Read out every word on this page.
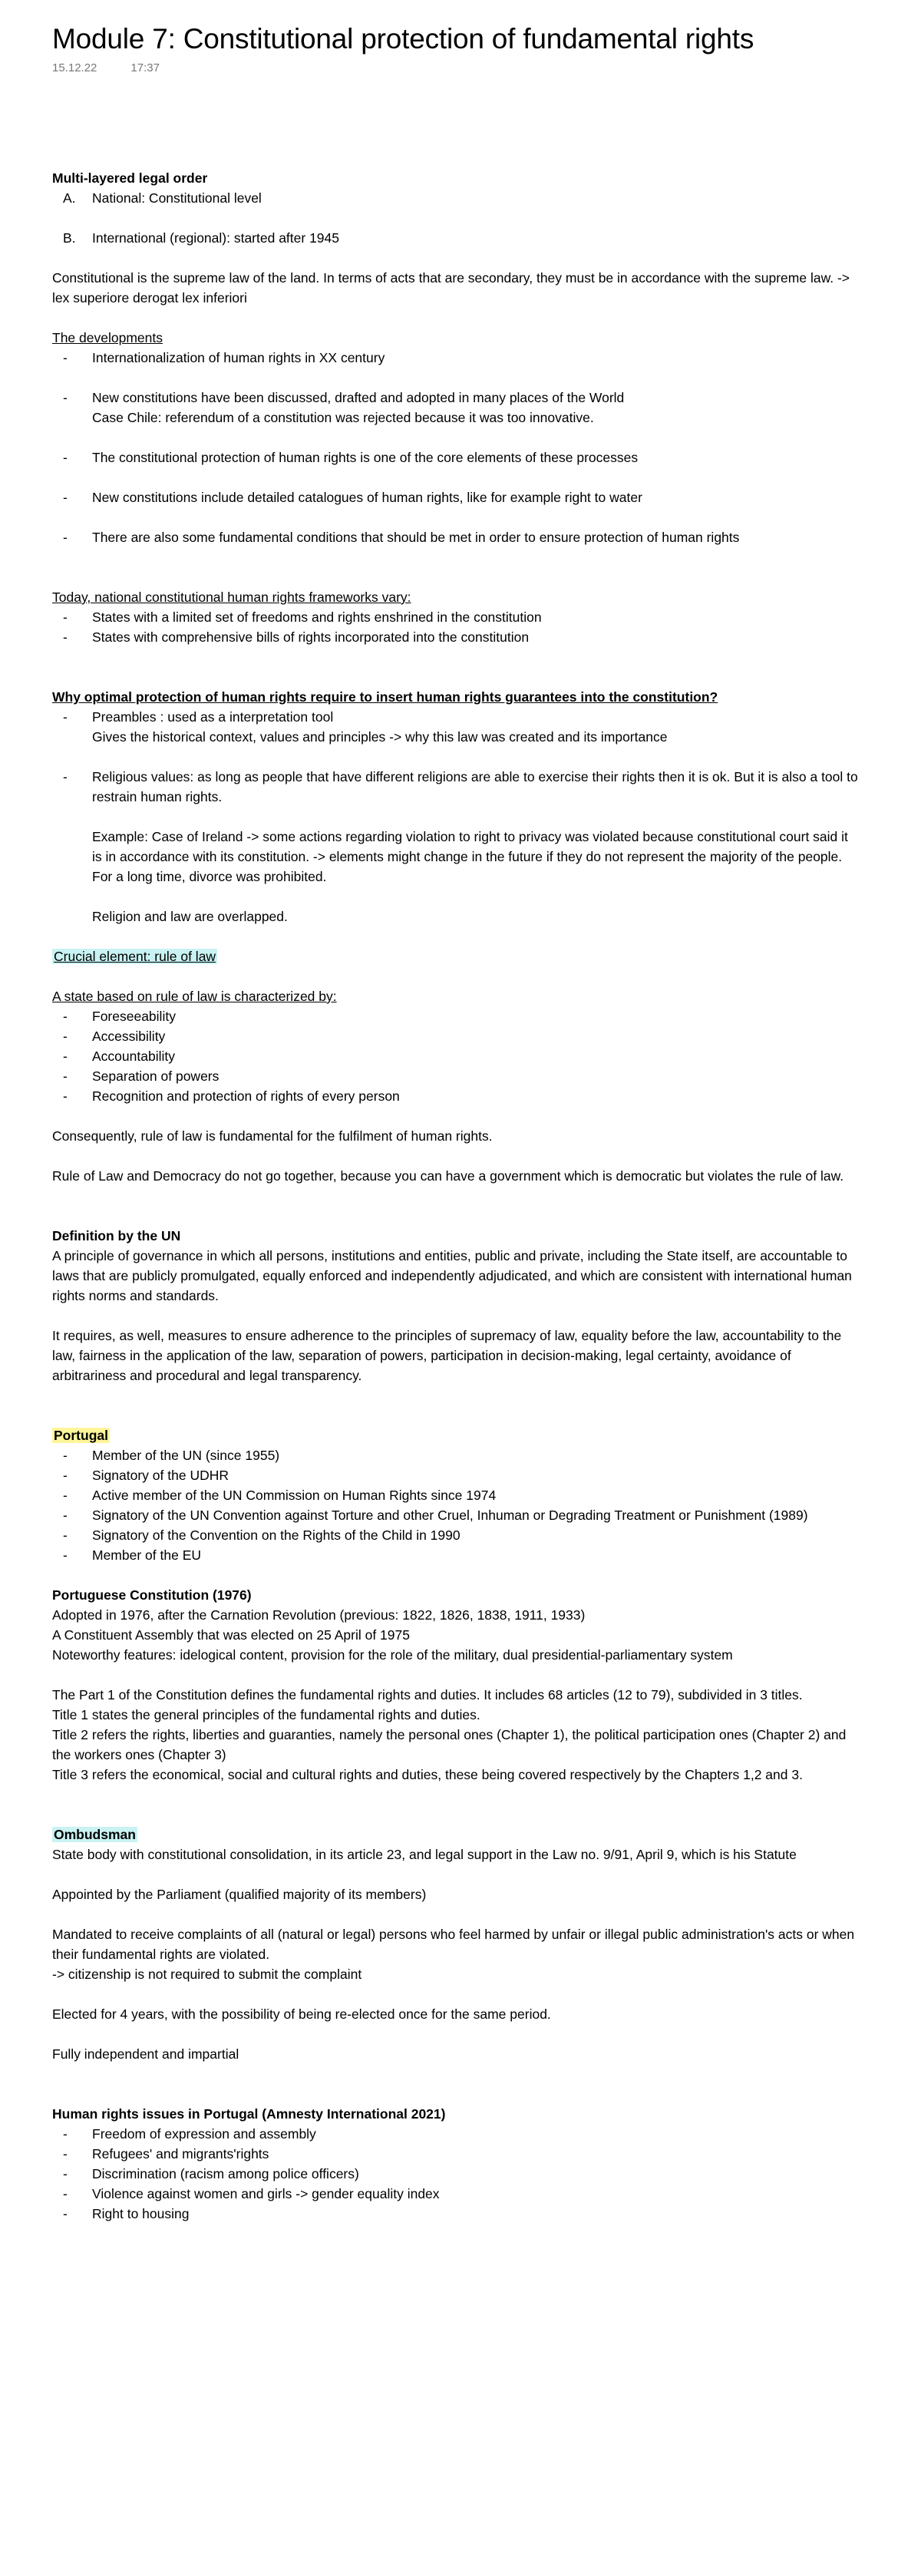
Module 7: Constitutional protection of fundamental rights
15.12.22	17:37

Multi-layered legal order

A.	National: Constitutional level
B.	International (regional): started after 1945

Constitutional is the supreme law of the land. In terms of acts that are secondary, they must be in accordance with the supreme law. -> lex superiore derogat lex inferiori

The developments

-	Internationalization of human rights in XX century
-	New constitutions have been discussed, drafted and adopted in many places of the World
Case Chile: referendum of a constitution was rejected because it was too innovative.
-	The constitutional protection of human rights is one of the core elements of these processes
-	New constitutions include detailed catalogues of human rights, like for example right to water
-	There are also some fundamental conditions that should be met in order to ensure protection of human rights

Today, national constitutional human rights frameworks vary:

-	States with a limited set of freedoms and rights enshrined in the constitution
-	States with comprehensive bills of rights incorporated into the constitution

Why optimal protection of human rights require to insert human rights guarantees into the constitution?

-	Preambles : used as a interpretation tool
Gives the historical context, values and principles -> why this law was created and its importance
-	Religious values: as long as people that have different religions are able to exercise their rights then it is ok. But it is also a tool to restrain human rights.
Example: Case of Ireland -> some actions regarding violation to right to privacy was violated because constitutional court said it is in accordance with its constitution. -> elements might change in the future if they do not represent the majority of the people. For a long time, divorce was prohibited.
Religion and law are overlapped.

Crucial element: rule of law

A state based on rule of law is characterized by:

-	Foreseeability
-	Accessibility
-	Accountability
-	Separation of powers
-	Recognition and protection of rights of every person

Consequently, rule of law is fundamental for the fulfilment of human rights.

Rule of Law and Democracy do not go together, because you can have a government which is democratic but violates the rule of law.

Definition by the UN

A principle of governance in which all persons, institutions and entities, public and private, including the State itself, are accountable to laws that are publicly promulgated, equally enforced and independently adjudicated, and which are consistent with international human rights norms and standards.

It requires, as well, measures to ensure adherence to the principles of supremacy of law, equality before the law, accountability to the law, fairness in the application of the law, separation of powers, participation in decision-making, legal certainty, avoidance of arbitrariness and procedural and legal transparency.

Portugal

-	Member of the UN (since 1955)
-	Signatory of the UDHR
-	Active member of the UN Commission on Human Rights since 1974
-	Signatory of the UN Convention against Torture and other Cruel, Inhuman or Degrading Treatment or Punishment (1989)
-	Signatory of the Convention on the Rights of the Child in 1990
-	Member of the EU

Portuguese Constitution (1976)

Adopted in 1976, after the Carnation Revolution (previous: 1822, 1826, 1838, 1911, 1933)

A Constituent Assembly that was elected on 25 April of 1975

Noteworthy features: idelogical content, provision for the role of the military, dual presidential-parliamentary system

The Part 1 of the Constitution defines the fundamental rights and duties. It includes 68 articles (12 to 79), subdivided in 3 titles.

Title 1 states the general principles of the fundamental rights and duties.

Title 2 refers the rights, liberties and guaranties, namely the personal ones (Chapter 1), the political participation ones (Chapter 2) and the workers ones (Chapter 3)

Title 3 refers the economical, social and cultural rights and duties, these being covered respectively by the Chapters 1,2 and 3.

Ombudsman

State body with constitutional consolidation, in its article 23, and legal support in the Law no. 9/91, April 9, which is his Statute

Appointed by the Parliament (qualified majority of its members)

Mandated to receive complaints of all (natural or legal) persons who feel harmed by unfair or illegal public administration's acts or when their fundamental rights are violated.

-> citizenship is not required to submit the complaint

Elected for 4 years, with the possibility of being re-elected once for the same period.

Fully independent and impartial

Human rights issues in Portugal (Amnesty International 2021)

-	Freedom of expression and assembly
-	Refugees' and migrants'rights
-	Discrimination (racism among police officers)
-	Violence against women and girls -> gender equality index
-	Right to housing
